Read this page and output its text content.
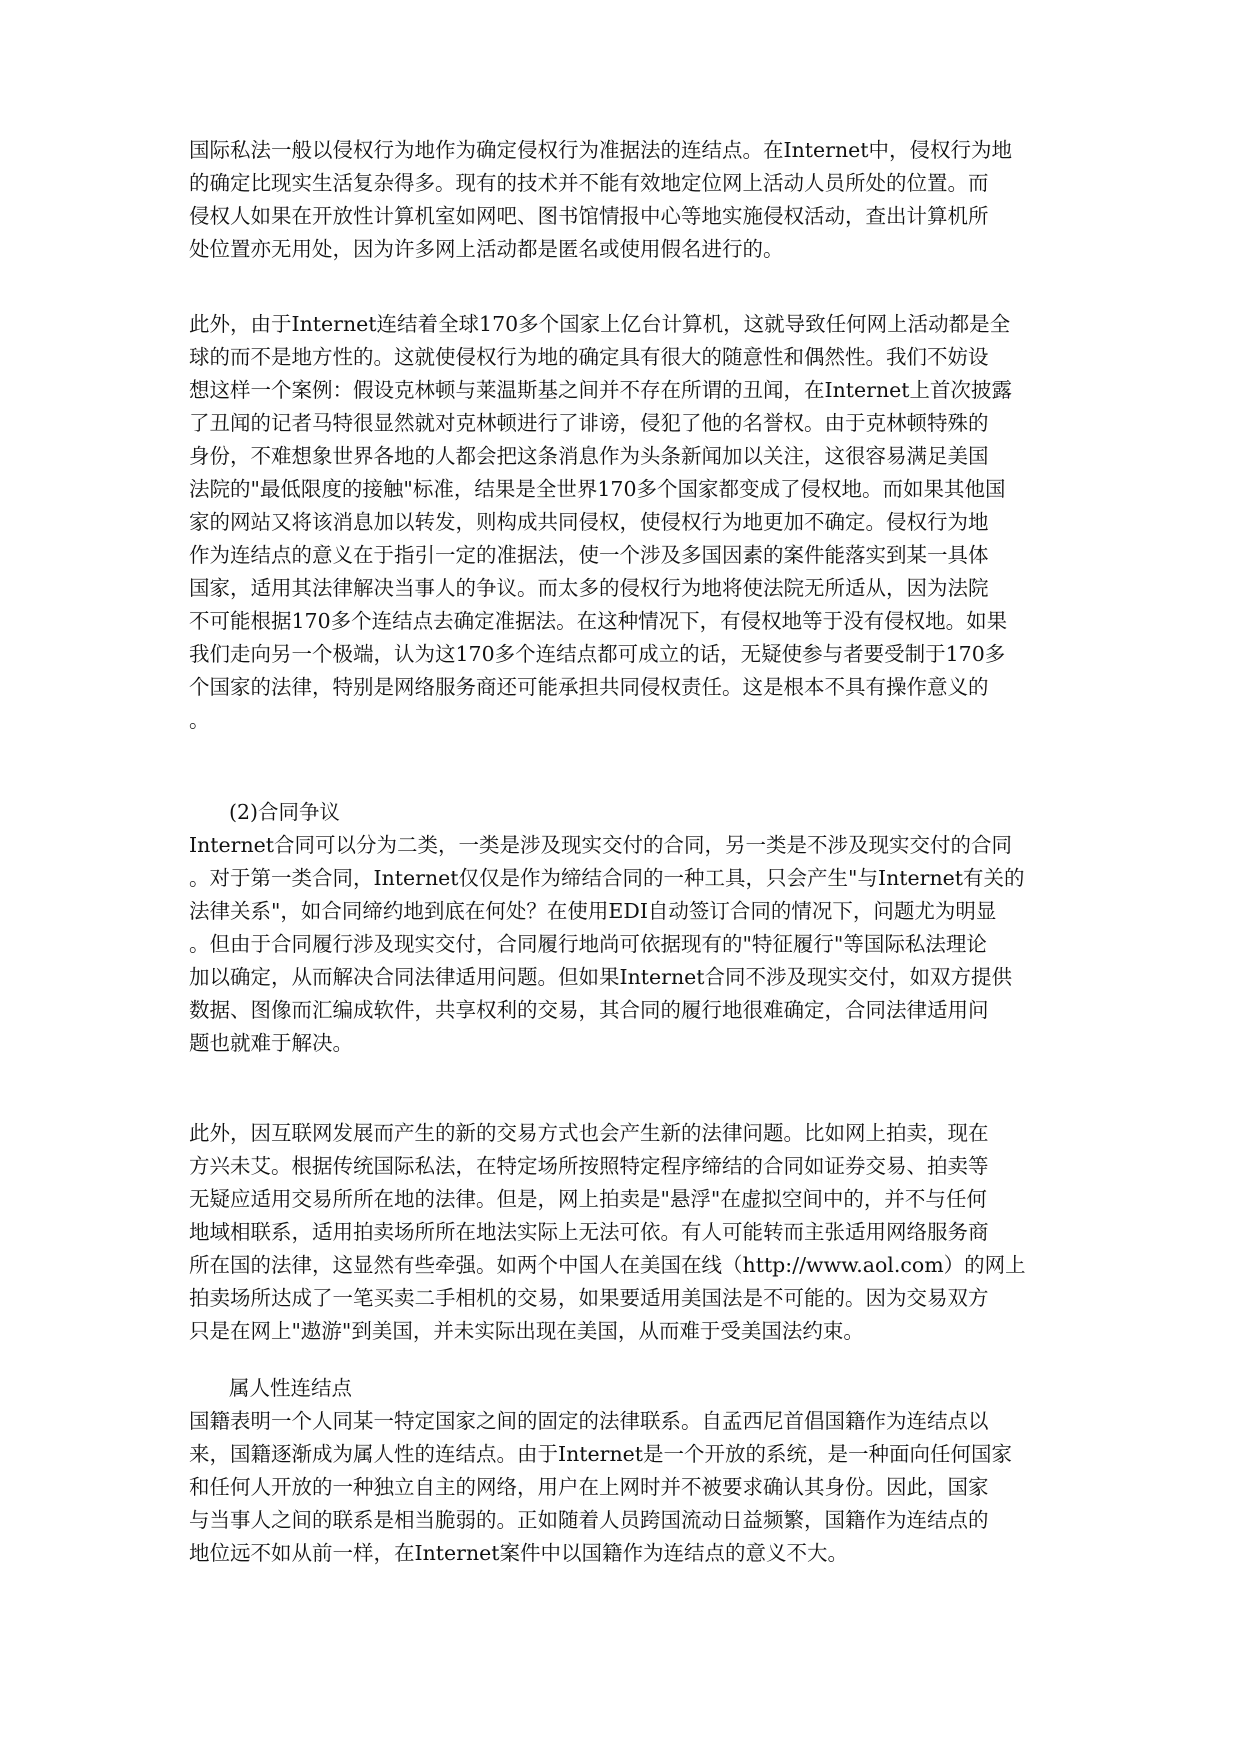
国际私法一般以侵权行为地作为确定侵权行为准据法的连结点。在Internet中，侵权行为地
的确定比现实生活复杂得多。现有的技术并不能有效地定位网上活动人员所处的位置。而
侵权人如果在开放性计算机室如网吧、图书馆情报中心等地实施侵权活动，查出计算机所
处位置亦无用处，因为许多网上活动都是匿名或使用假名进行的。
此外，由于Internet连结着全球170多个国家上亿台计算机，这就导致任何网上活动都是全
球的而不是地方性的。这就使侵权行为地的确定具有很大的随意性和偶然性。我们不妨设
想这样一个案例：假设克林顿与莱温斯基之间并不存在所谓的丑闻，在Internet上首次披露
了丑闻的记者马特很显然就对克林顿进行了诽谤，侵犯了他的名誉权。由于克林顿特殊的
身份，不难想象世界各地的人都会把这条消息作为头条新闻加以关注，这很容易满足美国
法院的"最低限度的接触"标准，结果是全世界170多个国家都变成了侵权地。而如果其他国
家的网站又将该消息加以转发，则构成共同侵权，使侵权行为地更加不确定。侵权行为地
作为连结点的意义在于指引一定的准据法，使一个涉及多国因素的案件能落实到某一具体
国家，适用其法律解决当事人的争议。而太多的侵权行为地将使法院无所适从，因为法院
不可能根据170多个连结点去确定准据法。在这种情况下，有侵权地等于没有侵权地。如果
我们走向另一个极端，认为这170多个连结点都可成立的话，无疑使参与者要受制于170多
个国家的法律，特别是网络服务商还可能承担共同侵权责任。这是根本不具有操作意义的
。
(2)合同争议
Internet合同可以分为二类，一类是涉及现实交付的合同，另一类是不涉及现实交付的合同
。对于第一类合同，Internet仅仅是作为缔结合同的一种工具，只会产生"与Internet有关的
法律关系"，如合同缔约地到底在何处？在使用EDI自动签订合同的情况下，问题尤为明显
。但由于合同履行涉及现实交付，合同履行地尚可依据现有的"特征履行"等国际私法理论
加以确定，从而解决合同法律适用问题。但如果Internet合同不涉及现实交付，如双方提供
数据、图像而汇编成软件，共享权利的交易，其合同的履行地很难确定，合同法律适用问
题也就难于解决。
此外，因互联网发展而产生的新的交易方式也会产生新的法律问题。比如网上拍卖，现在
方兴未艾。根据传统国际私法，在特定场所按照特定程序缔结的合同如证券交易、拍卖等
无疑应适用交易所所在地的法律。但是，网上拍卖是"悬浮"在虚拟空间中的，并不与任何
地域相联系，适用拍卖场所所在地法实际上无法可依。有人可能转而主张适用网络服务商
所在国的法律，这显然有些牵强。如两个中国人在美国在线（http://www.aol.com）的网上
拍卖场所达成了一笔买卖二手相机的交易，如果要适用美国法是不可能的。因为交易双方
只是在网上"遨游"到美国，并未实际出现在美国，从而难于受美国法约束。
属人性连结点
国籍表明一个人同某一特定国家之间的固定的法律联系。自孟西尼首倡国籍作为连结点以
来，国籍逐渐成为属人性的连结点。由于Internet是一个开放的系统，是一种面向任何国家
和任何人开放的一种独立自主的网络，用户在上网时并不被要求确认其身份。因此，国家
与当事人之间的联系是相当脆弱的。正如随着人员跨国流动日益频繁，国籍作为连结点的
地位远不如从前一样，在Internet案件中以国籍作为连结点的意义不大。
